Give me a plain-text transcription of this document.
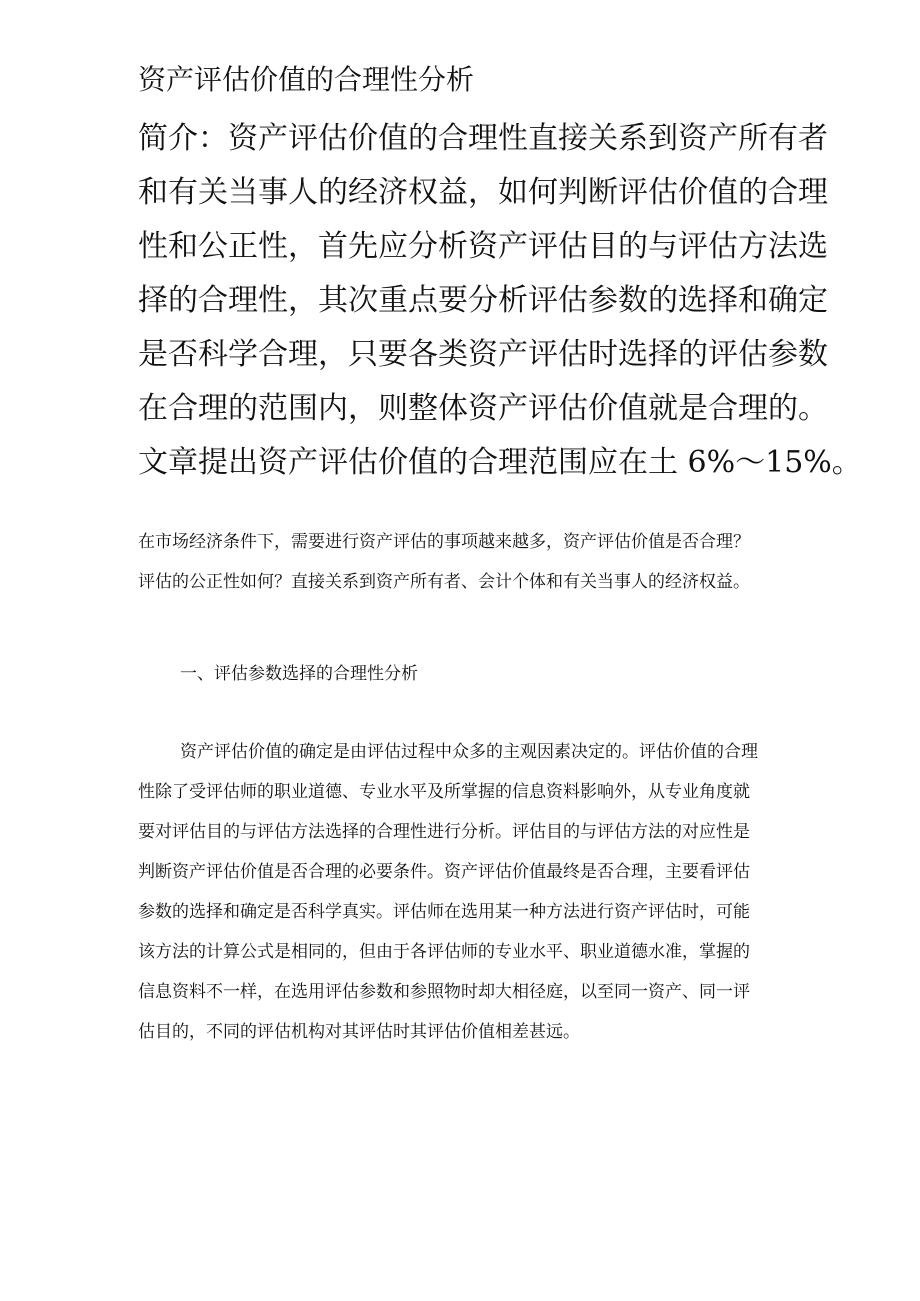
资产评估价值的合理性分析

简介：资产评估价值的合理性直接关系到资产所有者
和有关当事人的经济权益，如何判断评估价值的合理
性和公正性，首先应分析资产评估目的与评估方法选
择的合理性，其次重点要分析评估参数的选择和确定
是否科学合理，只要各类资产评估时选择的评估参数
在合理的范围内，则整体资产评估价值就是合理的。
文章提出资产评估价值的合理范围应在土 6%～15%。

在市场经济条件下，需要进行资产评估的事项越来越多，资产评估价值是否合理？
评估的公正性如何？直接关系到资产所有者、会计个体和有关当事人的经济权益。

一、评估参数选择的合理性分析

资产评估价值的确定是由评估过程中众多的主观因素决定的。评估价值的合理
性除了受评估师的职业道德、专业水平及所掌握的信息资料影响外，从专业角度就
要对评估目的与评估方法选择的合理性进行分析。评估目的与评估方法的对应性是
判断资产评估价值是否合理的必要条件。资产评估价值最终是否合理，主要看评估
参数的选择和确定是否科学真实。评估师在选用某一种方法进行资产评估时，可能
该方法的计算公式是相同的，但由于各评估师的专业水平、职业道德水准，掌握的
信息资料不一样，在选用评估参数和参照物时却大相径庭，以至同一资产、同一评
估目的，不同的评估机构对其评估时其评估价值相差甚远。
